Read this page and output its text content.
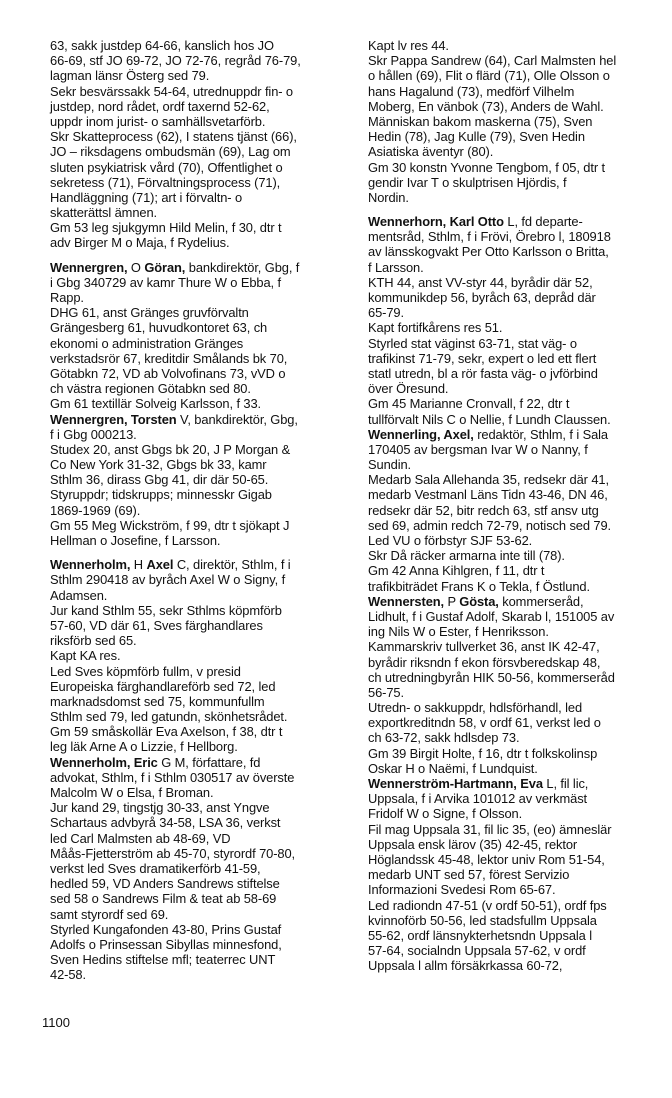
63, sakk justdep 64-66, kanslich hos JO
66-69, stf JO 69-72, JO 72-76, regråd 76-79,
lagman länsr Österg sed 79.
Sekr besvärssakk 54-64, utrednuppdr fin- o
justdep, nord rådet, ordf taxernd 52-62,
uppdr inom jurist- o samhällsvetarförb.
Skr Skatteprocess (62), I statens tjänst (66),
JO – riksdagens ombudsmän (69), Lag om
sluten psykiatrisk vård (70), Offentlighet o
sekretess (71), Förvaltningsprocess (71),
Handläggning (71); art i förvaltn- o
skatterättsl ämnen.
Gm 53 leg sjukgymn Hild Melin, f 30, dtr t
adv Birger M o Maja, f Rydelius.
Wennergren, O Göran, bankdirektör, Gbg, f
i Gbg 340729 av kamr Thure W o Ebba, f
Rapp.
DHG 61, anst Gränges gruvförvaltn
Grängesberg 61, huvudkontoret 63, ch
ekonomi o administration Gränges
verkstadsrör 67, kreditdir Smålands bk 70,
Götabkn 72, VD ab Volvofinans 73, vVD o
ch västra regionen Götabkn sed 80.
Gm 61 textillär Solveig Karlsson, f 33.
Wennergren, Torsten V, bankdirektör, Gbg,
f i Gbg 000213.
Studex 20, anst Gbgs bk 20, J P Morgan &
Co New York 31-32, Gbgs bk 33, kamr
Sthlm 36, dirass Gbg 41, dir där 50-65.
Styruppdr; tidskrupps; minnesskr Gigab
1869-1969 (69).
Gm 55 Meg Wickström, f 99, dtr t sjökapt J
Hellman o Josefine, f Larsson.
Wennerholm, H Axel C, direktör, Sthlm, f i
Sthlm 290418 av byråch Axel W o Signy, f
Adamsen.
Jur kand Sthlm 55, sekr Sthlms köpmförb
57-60, VD där 61, Sves färghandlares
riksförb sed 65.
Kapt KA res.
Led Sves köpmförb fullm, v presid
Europeiska färghandlareförb sed 72, led
marknadsdomst sed 75, kommunfullm
Sthlm sed 79, led gatundn, skönhetsrådet.
Gm 59 småskollär Eva Axelson, f 38, dtr t
leg läk Arne A o Lizzie, f Hellborg.
Wennerholm, Eric G M, författare, fd
advokat, Sthlm, f i Sthlm 030517 av överste
Malcolm W o Elsa, f Broman.
Jur kand 29, tingstjg 30-33, anst Yngve
Schartaus advbyrå 34-58, LSA 36, verkst
led Carl Malmsten ab 48-69, VD
Måås-Fjetterström ab 45-70, styrordf 70-80,
verkst led Sves dramatikerförb 41-59,
hedled 59, VD Anders Sandrews stiftelse
sed 58 o Sandrews Film & teat ab 58-69
samt styrordf sed 69.
Styrled Kungafonden 43-80, Prins Gustaf
Adolfs o Prinsessan Sibyllas minnesfond,
Sven Hedins stiftelse mfl; teaterrec UNT
42-58.
Kapt lv res 44.
Skr Pappa Sandrew (64), Carl Malmsten hel
o hållen (69), Flit o flärd (71), Olle Olsson o
hans Hagalund (73), medförf Vilhelm
Moberg, En vänbok (73), Anders de Wahl.
Människan bakom maskerna (75), Sven
Hedin (78), Jag Kulle (79), Sven Hedin
Asiatiska äventyr (80).
Gm 30 konstn Yvonne Tengbom, f 05, dtr t
gendir Ivar T o skulptrisen Hjördis, f
Nordin.
Wennerhorn, Karl Otto L, fd departe-
mentsråd, Sthlm, f i Frövi, Örebro l, 180918
av länsskogvakt Per Otto Karlsson o Britta,
f Larsson.
KTH 44, anst VV-styr 44, byrådir där 52,
kommunikdep 56, byråch 63, depråd där
65-79.
Kapt fortifkårens res 51.
Styrled stat väginst 63-71, stat väg- o
trafikinst 71-79, sekr, expert o led ett flert
statl utredn, bl a rör fasta väg- o jvförbind
över Öresund.
Gm 45 Marianne Cronvall, f 22, dtr t
tullförvalt Nils C o Nellie, f Lundh Claussen.
Wennerling, Axel, redaktör, Sthlm, f i Sala
170405 av bergsman Ivar W o Nanny, f
Sundin.
Medarb Sala Allehanda 35, redsekr där 41,
medarb Vestmanl Läns Tidn 43-46, DN 46,
redsekr där 52, bitr redch 63, stf ansv utg
sed 69, admin redch 72-79, notisch sed 79.
Led VU o förbstyr SJF 53-62.
Skr Då räcker armarna inte till (78).
Gm 42 Anna Kihlgren, f 11, dtr t
trafikbiträdet Frans K o Tekla, f Östlund.
Wennersten, P Gösta, kommerseråd,
Lidhult, f i Gustaf Adolf, Skarab l, 151005 av
ing Nils W o Ester, f Henriksson.
Kammarskriv tullverket 36, anst IK 42-47,
byrådir riksndn f ekon försvberedskap 48,
ch utredningbyrån HIK 50-56, kommerseråd
56-75.
Utredn- o sakkuppdr, hdlsförhandl, led
exportkreditndn 58, v ordf 61, verkst led o
ch 63-72, sakk hdlsdep 73.
Gm 39 Birgit Holte, f 16, dtr t folkskolinsp
Oskar H o Naëmi, f Lundquist.
Wennerström-Hartmann, Eva L, fil lic,
Uppsala, f i Arvika 101012 av verkmäst
Fridolf W o Signe, f Olsson.
Fil mag Uppsala 31, fil lic 35, (eo) ämneslär
Uppsala ensk lärov (35) 42-45, rektor
Höglandssk 45-48, lektor univ Rom 51-54,
medarb UNT sed 57, förest Servizio
Informazioni Svedesi Rom 65-67.
Led radiondn 47-51 (v ordf 50-51), ordf fps
kvinnoförb 50-56, led stadsfullm Uppsala
55-62, ordf länsnykterhetsndn Uppsala l
57-64, socialndn Uppsala 57-62, v ordf
Uppsala l allm försäkrkassa 60-72,
1100
